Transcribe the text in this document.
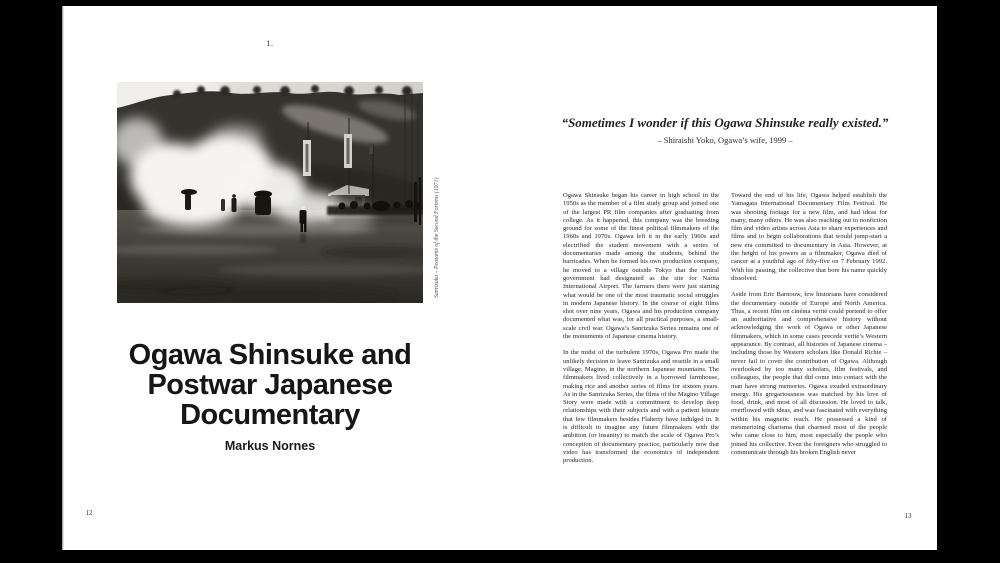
1.
Sanrizuka – Peasants of the Second Fortress (1971)
Ogawa Shinsuke and
Postwar Japanese
Documentary
Markus Nornes
12
“Sometimes I wonder if this Ogawa Shinsuke really existed.”
– Shiraishi Yoko, Ogawa’s wife, 1999 –

Ogawa Shinsuke began his career in high school in the 1950s as the member of a film study group and joined one of the largest PR film companies after graduating from college. As it happened, this company was the breeding ground for some of the finest political filmmakers of the 1960s and 1970s. Ogawa left it in the early 1960s and electrified the student movement with a series of documentaries made among the students, behind the barricades. When he formed his own production company, he moved to a village outside Tokyo that the central government had designated as the site for Narita International Airport. The farmers there were just starting what would be one of the most traumatic social struggles in modern Japanese history. In the course of eight films shot over nine years, Ogawa and his production company documented what was, for all practical purposes, a small-scale civil war. Ogawa’s Sanrizuka Series remains one of the monuments of Japanese cinema history.

In the midst of the turbulent 1970s, Ogawa Pro made the unlikely decision to leave Sanrizuka and resettle in a small village, Magino, in the northern Japanese mountains. The filmmakers lived collectively in a borrowed farmhouse, making rice and another series of films for sixteen years. As in the Sanrizuka Series, the films of the Magino Village Story were made with a commitment to develop deep relationships with their subjects and with a patient leisure that few filmmakers besides Flaherty have indulged in. It is difficult to imagine any future filmmakers with the ambition (or insanity) to match the scale of Ogawa Pro’s conception of documentary practice, particularly now that video has transformed the economics of independent production.

Toward the end of his life, Ogawa helped establish the Yamagata International Documentary Film Festival. He was shooting footage for a new film, and had ideas for many, many others. He was also reaching out to nonfiction film and video artists across Asia to share experiences and films and to begin collaborations that would jump-start a new era committed to documentary in Asia. However, at the height of his powers as a filmmaker, Ogawa died of cancer at a youthful age of fifty-five on 7 February 1992. With his passing, the collective that bore his name quickly dissolved.

Aside from Eric Barnouw, few historians have considered the documentary outside of Europe and North America. Thus, a recent film on cinéma verité could portend to offer an authoritative and comprehensive history without acknowledging the work of Ogawa or other Japanese filmmakers, which in some cases precede verité’s Western appearance. By contrast, all histories of Japanese cinema – including those by Western scholars like Donald Richie – never fail to cover the contribution of Ogawa. Although overlooked by too many scholars, film festivals, and colleagues, the people that did come into contact with the man have strong memories. Ogawa exuded extraordinary energy. His gregariousness was matched by his love of food, drink, and most of all discussion. He loved to talk, overflowed with ideas, and was fascinated with everything within his magnetic reach. He possessed a kind of mesmerizing charisma that charmed most of the people who came close to him, most especially the people who joined his collective. Even the foreigners who struggled to communicate through his broken English never

13
